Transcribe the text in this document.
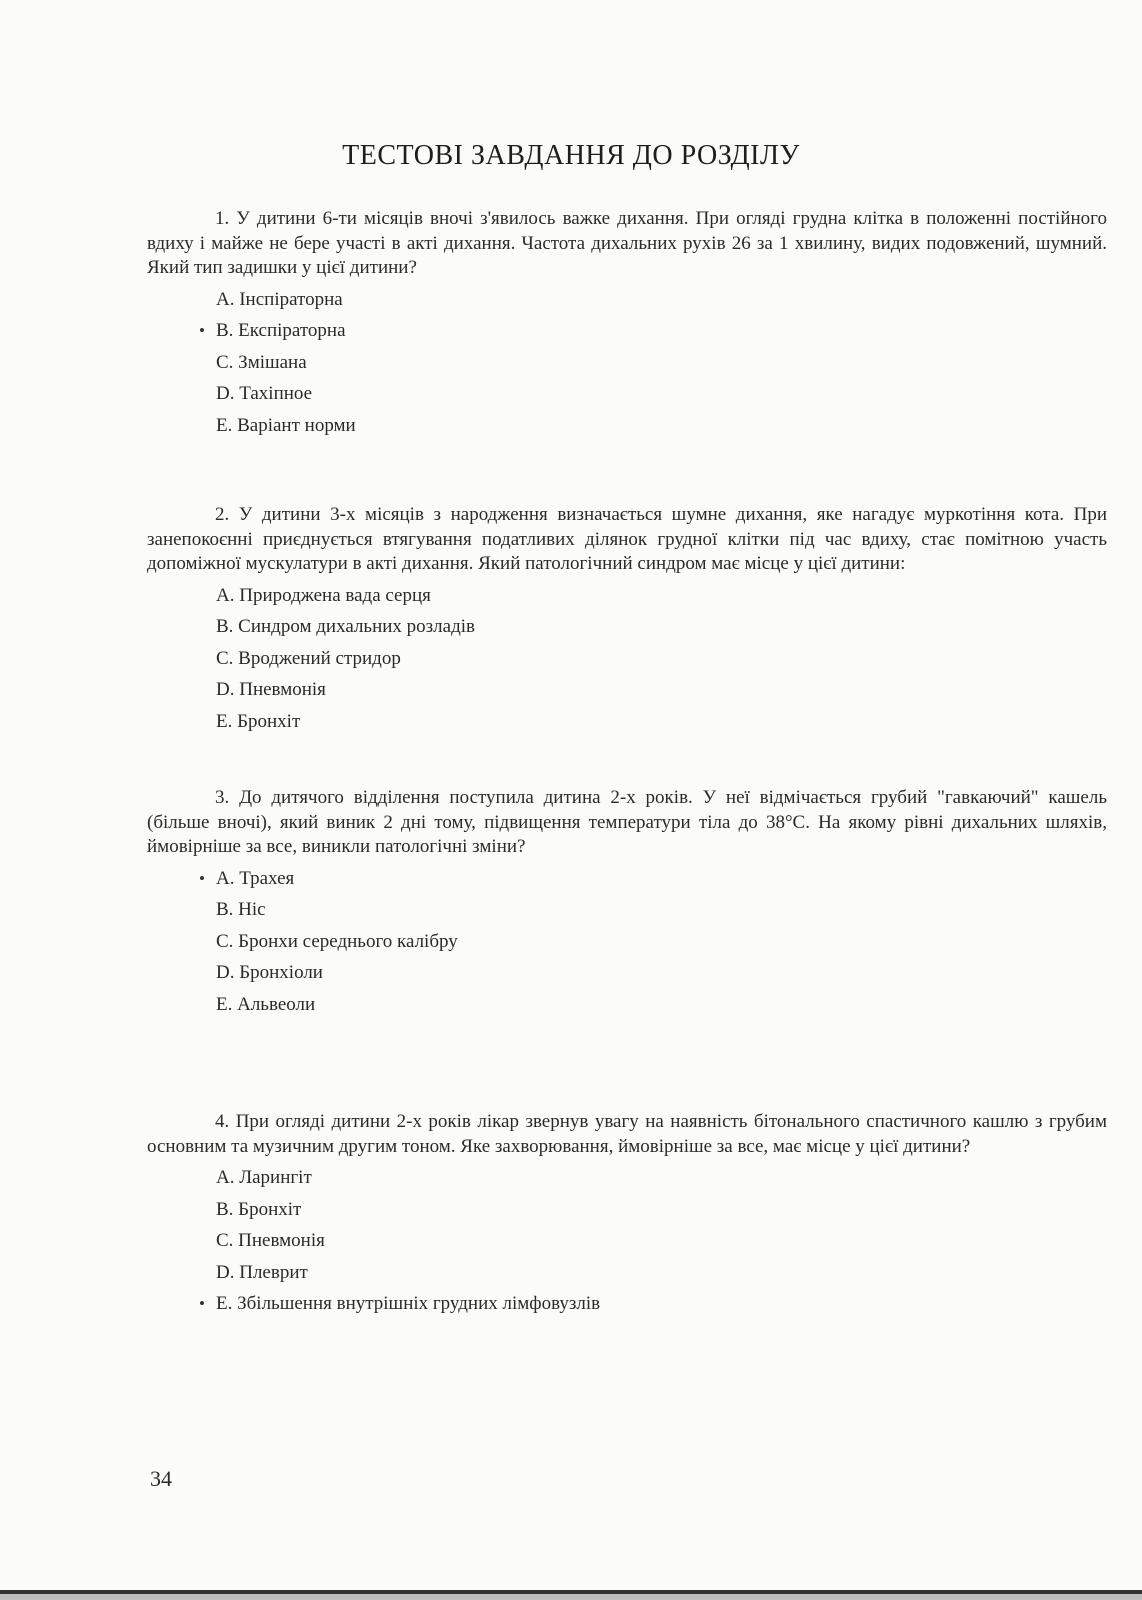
ТЕСТОВІ ЗАВДАННЯ ДО РОЗДІЛУ

1. У дитини 6-ти місяців вночі з'явилось важке дихання. При огляді грудна клітка в положенні постійного вдиху і майже не бере участі в акті дихання. Частота дихальних рухів 26 за 1 хвилину, видих подовжений, шумний. Який тип задишки у цієї дитини?

А. Інспіраторна
• В. Експіраторна
С. Змішана
D. Тахіпное
Е. Варіант норми

2. У дитини 3-х місяців з народження визначається шумне дихання, яке нагадує муркотіння кота. При занепокоєнні приєднується втягування податливих ділянок грудної клітки під час вдиху, стає помітною участь допоміжної мускулатури в акті дихання. Який патологічний синдром має місце у цієї дитини:

А. Природжена вада серця
В. Синдром дихальних розладів
С. Вроджений стридор
D. Пневмонія
Е. Бронхіт

3. До дитячого відділення поступила дитина 2-х років. У неї відмічається грубий "гавкаючий" кашель (більше вночі), який виник 2 дні тому, підвищення температури тіла до 38°С. На якому рівні дихальних шляхів, ймовірніше за все, виникли патологічні зміни?

• А. Трахея
В. Ніс
С. Бронхи середнього калібру
D. Бронхіоли
Е. Альвеоли

4. При огляді дитини 2-х років лікар звернув увагу на наявність бітонального спастичного кашлю з грубим основним та музичним другим тоном. Яке захворювання, ймовірніше за все, має місце у цієї дитини?

А. Ларингіт
В. Бронхіт
С. Пневмонія
D. Плеврит
• Е. Збільшення внутрішніх грудних лімфовузлів
34
